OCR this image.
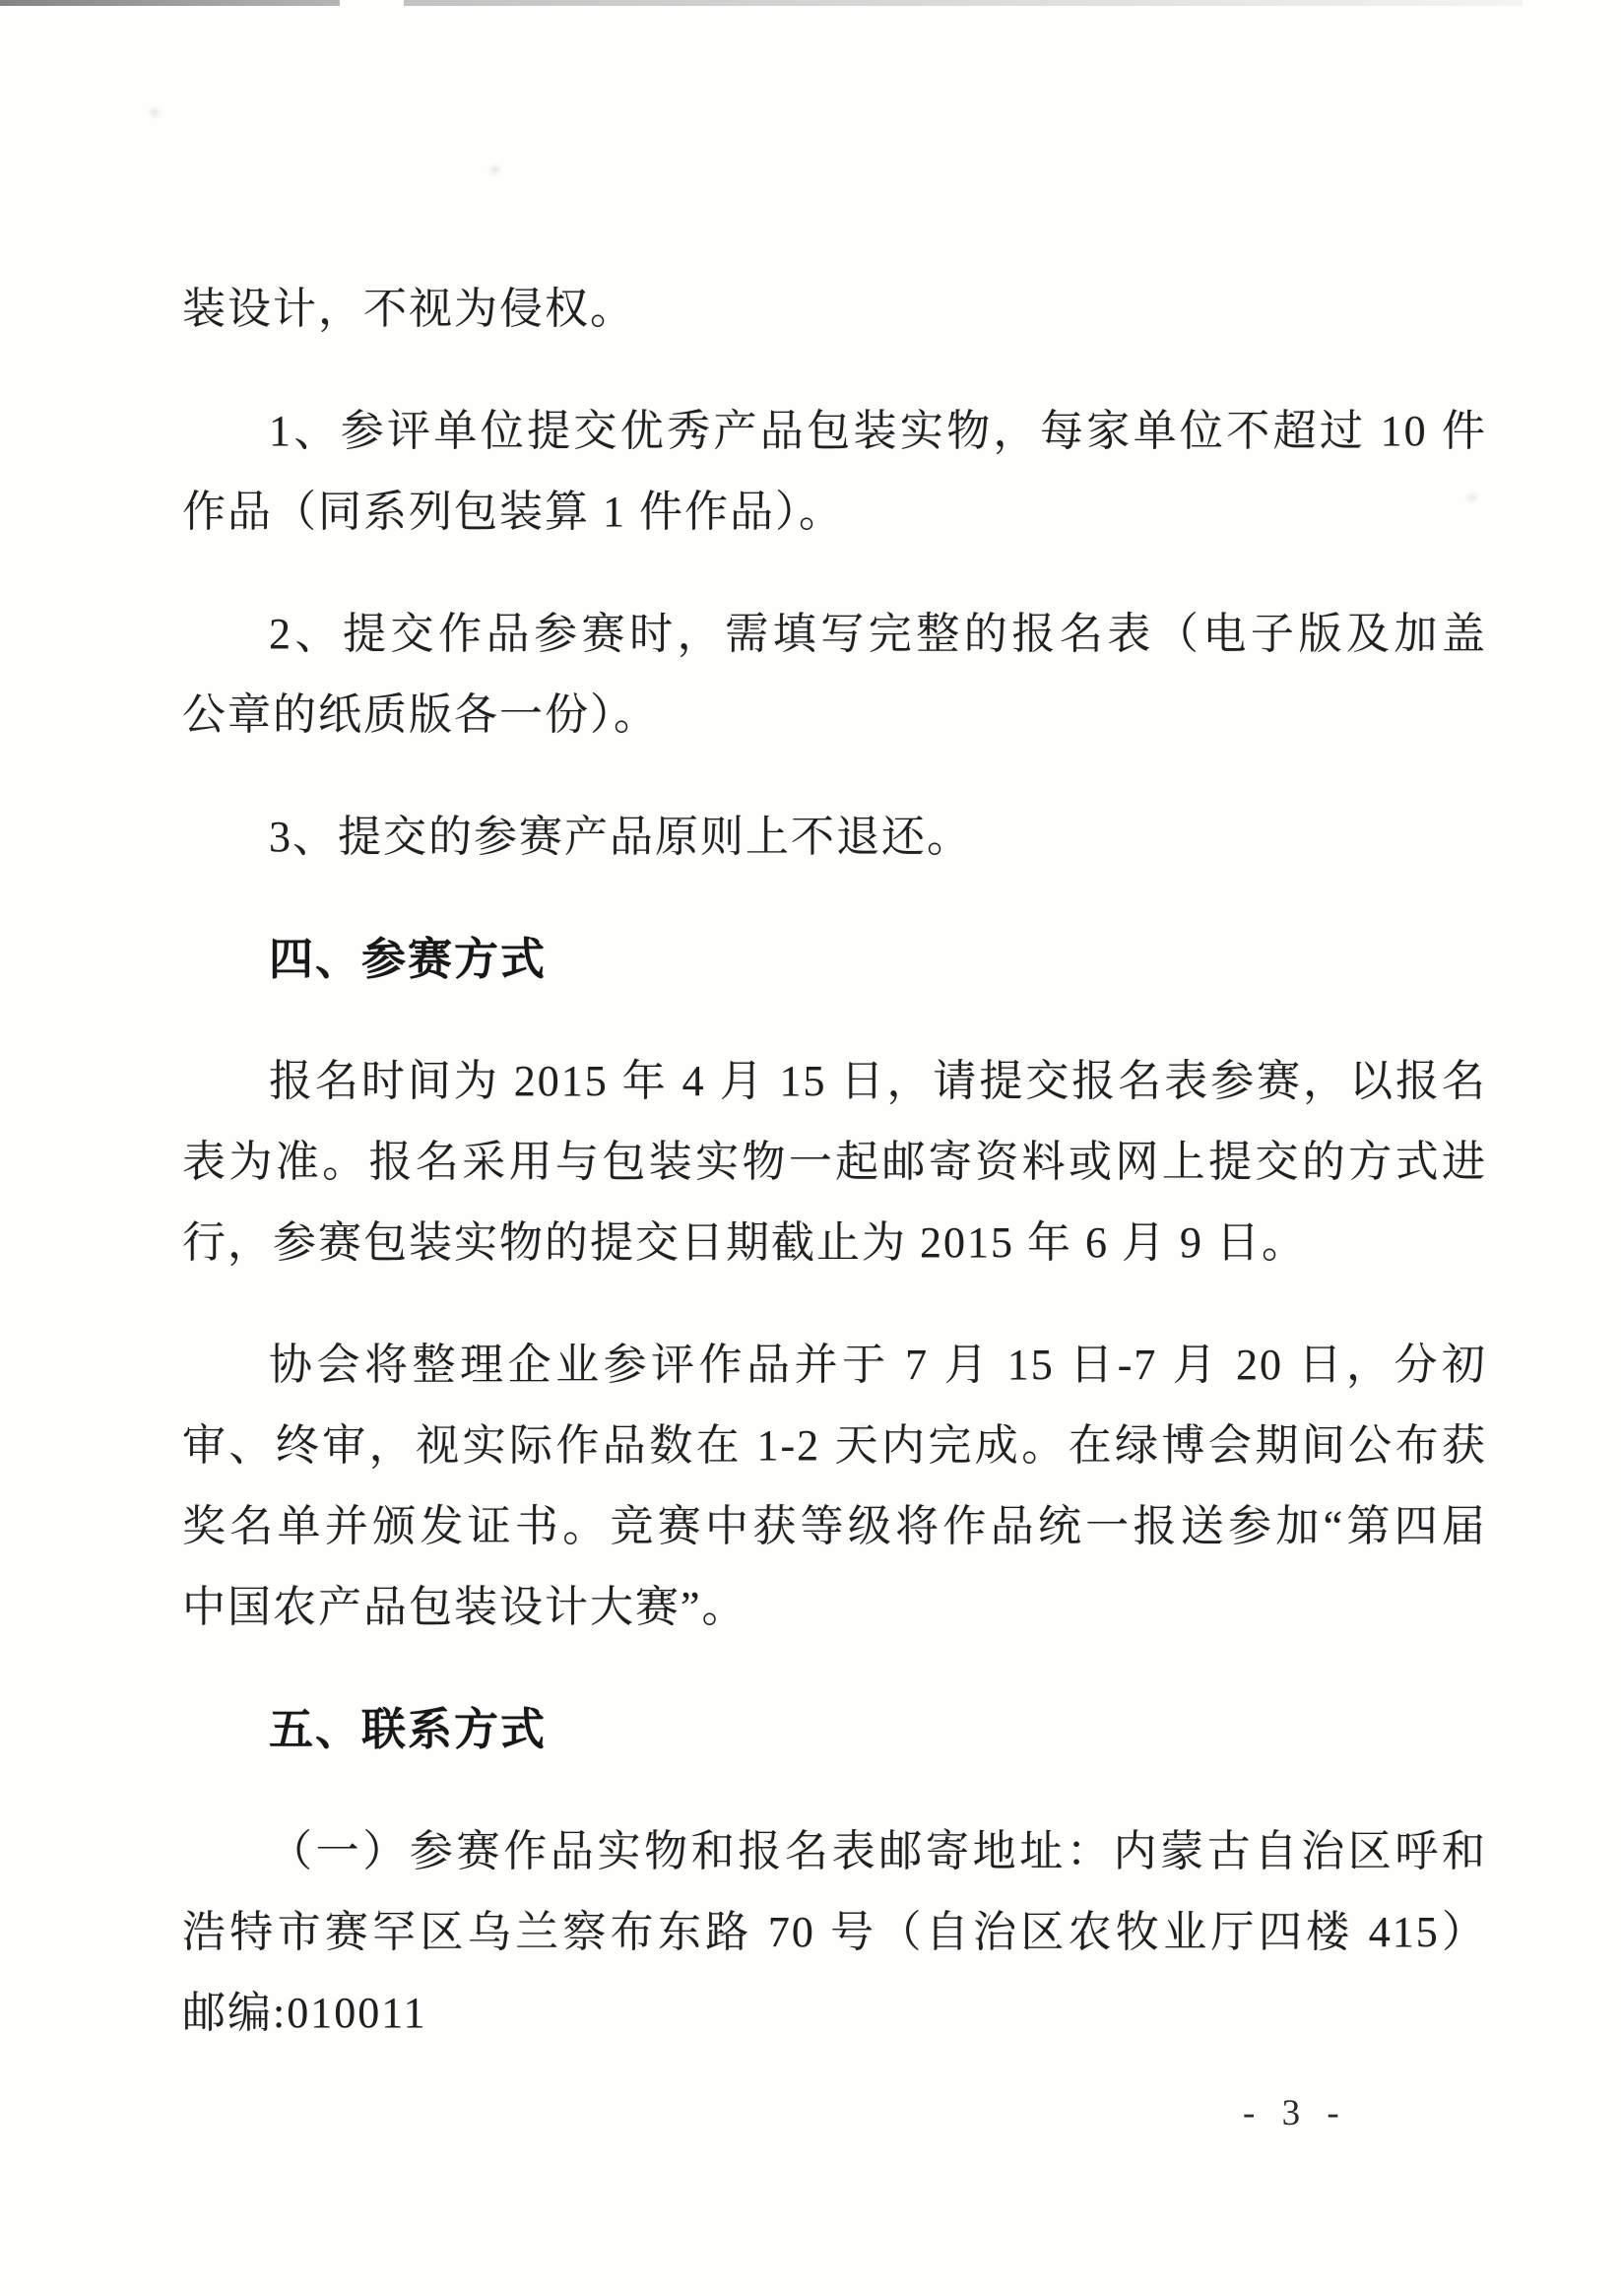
装设计，不视为侵权。
1、参评单位提交优秀产品包装实物，每家单位不超过 10 件
作品（同系列包装算 1 件作品）。
2、提交作品参赛时，需填写完整的报名表（电子版及加盖
公章的纸质版各一份）。
3、提交的参赛产品原则上不退还。
四、参赛方式
报名时间为 2015 年 4 月 15 日，请提交报名表参赛，以报名
表为准。报名采用与包装实物一起邮寄资料或网上提交的方式进
行，参赛包装实物的提交日期截止为 2015 年 6 月 9 日。
协会将整理企业参评作品并于 7 月 15 日-7 月 20 日，分初
审、终审，视实际作品数在 1-2 天内完成。在绿博会期间公布获
奖名单并颁发证书。竞赛中获等级将作品统一报送参加“第四届
中国农产品包装设计大赛”。
五、联系方式
（一）参赛作品实物和报名表邮寄地址：内蒙古自治区呼和
浩特市赛罕区乌兰察布东路 70 号（自治区农牧业厅四楼 415）
邮编:010011
- 3 -
